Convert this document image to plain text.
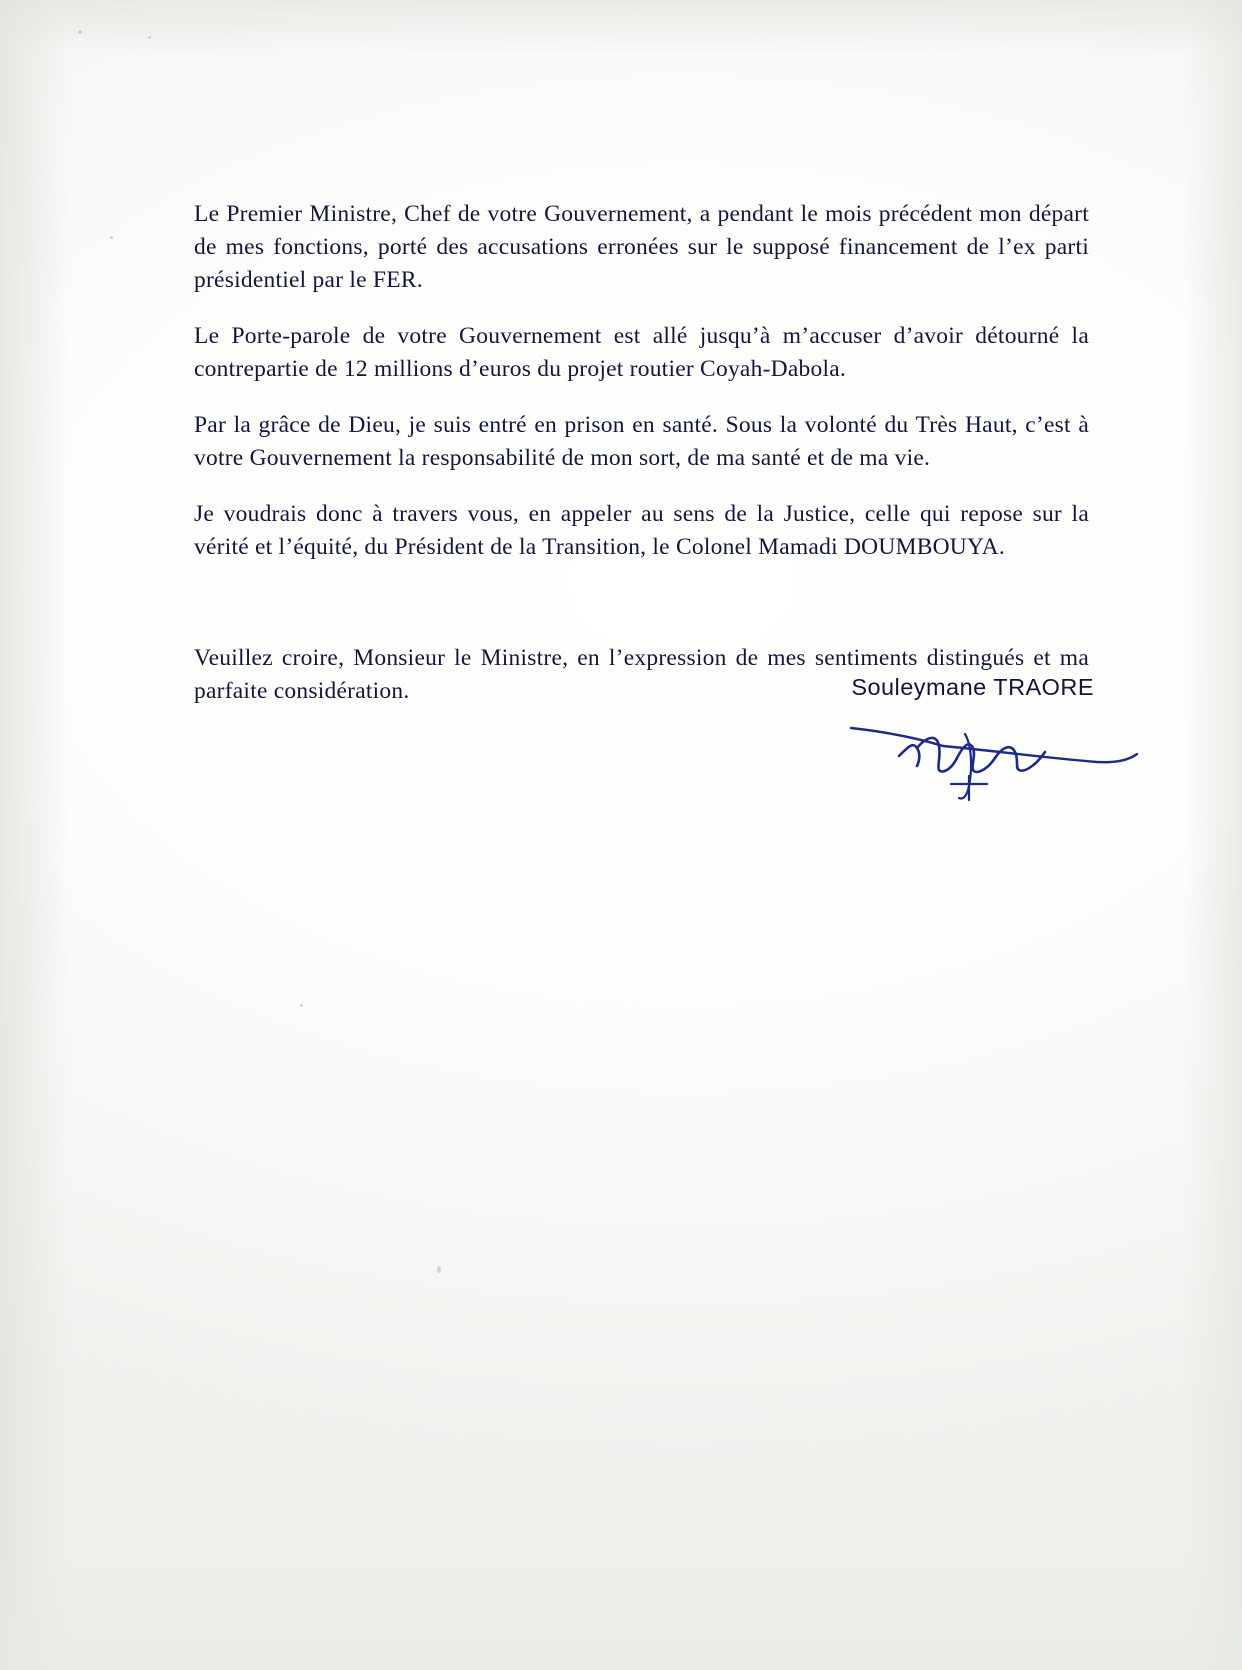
Le Premier Ministre, Chef de votre Gouvernement, a pendant le mois précédent mon départ de mes fonctions, porté des accusations erronées sur le supposé financement de l’ex parti présidentiel par le FER.

Le Porte-parole de votre Gouvernement est allé jusqu’à m’accuser d’avoir détourné la contrepartie de 12 millions d’euros du projet routier Coyah-Dabola.

Par la grâce de Dieu, je suis entré en prison en santé. Sous la volonté du Très Haut, c’est à votre Gouvernement la responsabilité de mon sort, de ma santé et de ma vie.

Je voudrais donc à travers vous, en appeler au sens de la Justice, celle qui repose sur la vérité et l’équité, du Président de la Transition, le Colonel Mamadi DOUMBOUYA.

Veuillez croire, Monsieur le Ministre, en l’expression de mes sentiments distingués et ma parfaite considération.	Souleymane TRAORE
